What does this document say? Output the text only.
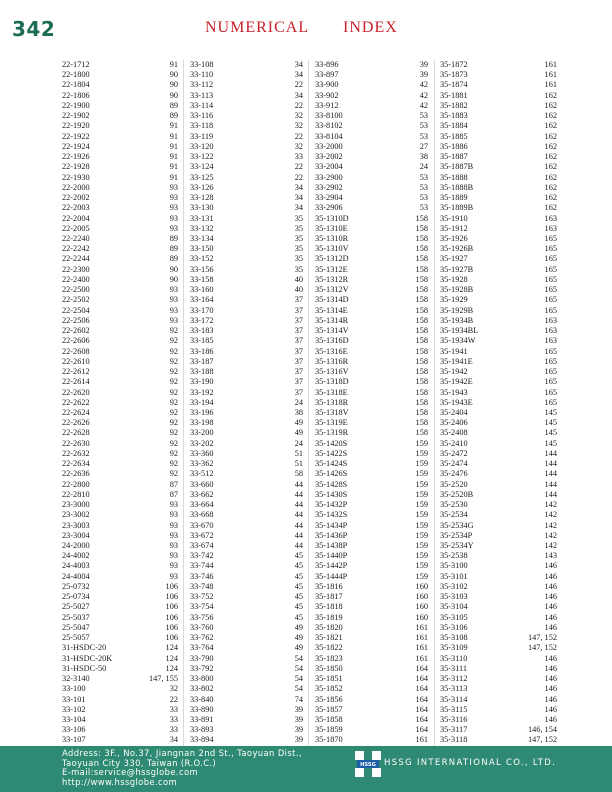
342	NUMERICAL INDEX
22-1712	91
22-1800	90
22-1804	90
22-1806	90
22-1900	89
22-1902	89
22-1920	91
22-1922	91
22-1924	91
22-1926	91
22-1928	91
22-1930	91
22-2000	93
22-2002	93
22-2003	93
22-2004	93
22-2005	93
22-2240	89
22-2242	89
22-2244	89
22-2300	90
22-2400	90
22-2500	93
22-2502	93
22-2504	93
22-2506	93
22-2602	92
22-2606	92
22-2608	92
22-2610	92
22-2612	92
22-2614	92
22-2620	92
22-2622	92
22-2624	92
22-2626	92
22-2628	92
22-2630	92
22-2632	92
22-2634	92
22-2636	92
22-2800	87
22-2810	87
23-3000	93
23-3002	93
23-3003	93
23-3004	93
24-2000	93
24-4002	93
24-4003	93
24-4004	93
25-0732	106
25-0734	106
25-5027	106
25-5037	106
25-5047	106
25-5057	106
31-HSDC-20	124
31-HSDC-20K	124
31-HSDC-50	124
32-3140	147, 155
33-100	32
33-101	22
33-102	33
33-104	33
33-106	33
33-107	34
33-108	34
33-110	34
33-112	22
33-113	34
33-114	22
33-116	32
33-118	32
33-119	22
33-120	32
33-122	33
33-124	22
33-125	22
33-126	34
33-128	34
33-130	34
33-131	35
33-132	35
33-134	35
33-150	35
33-152	35
33-156	35
33-158	40
33-160	40
33-164	37
33-170	37
33-172	37
33-183	37
33-185	37
33-186	37
33-187	37
33-188	37
33-190	37
33-192	37
33-194	24
33-196	38
33-198	49
33-200	49
33-202	24
33-360	51
33-362	51
33-512	58
33-660	44
33-662	44
33-664	44
33-668	44
33-670	44
33-672	44
33-674	44
33-742	45
33-744	45
33-746	45
33-748	45
33-752	45
33-754	45
33-756	45
33-760	49
33-762	49
33-764	49
33-790	54
33-792	54
33-800	54
33-802	54
33-840	74
33-890	39
33-891	39
33-893	39
33-894	39
33-896	39
33-897	39
33-900	42
33-902	42
33-912	42
33-8100	53
33-8102	53
33-8104	53
33-2000	27
33-2002	38
33-2004	24
33-2900	53
33-2902	53
33-2904	53
33-2906	53
35-1310D	158
35-1310E	158
35-1310R	158
35-1310V	158
35-1312D	158
35-1312E	158
35-1312R	158
35-1312V	158
35-1314D	158
35-1314E	158
35-1314R	158
35-1314V	158
35-1316D	158
35-1316E	158
35-1316R	158
35-1316V	158
35-1318D	158
35-1318E	158
35-1318R	158
35-1318V	158
35-1319E	158
35-1319R	158
35-1420S	159
35-1422S	159
35-1424S	159
35-1426S	159
35-1428S	159
35-1430S	159
35-1432P	159
35-1432S	159
35-1434P	159
35-1436P	159
35-1438P	159
35-1440P	159
35-1442P	159
35-1444P	159
35-1816	160
35-1817	160
35-1818	160
35-1819	160
35-1820	161
35-1821	161
35-1822	161
35-1823	161
35-1850	164
35-1851	164
35-1852	164
35-1856	164
35-1857	164
35-1858	164
35-1859	164
35-1870	161
35-1872	161
35-1873	161
35-1874	161
35-1881	162
35-1882	162
35-1883	162
35-1884	162
35-1885	162
35-1886	162
35-1887	162
35-1887B	162
35-1888	162
35-1888B	162
35-1889	162
35-1889B	162
35-1910	163
35-1912	163
35-1926	165
35-1926B	165
35-1927	165
35-1927B	165
35-1928	165
35-1928B	165
35-1929	165
35-1929B	165
35-1934B	163
35-1934BL	163
35-1934W	163
35-1941	165
35-1941E	165
35-1942	165
35-1942E	165
35-1943	165
35-1943E	165
35-2404	145
35-2406	145
35-2408	145
35-2410	145
35-2472	144
35-2474	144
35-2476	144
35-2520	144
35-2520B	144
35-2530	142
35-2534	142
35-2534G	142
35-2534P	142
35-2534Y	142
35-2538	143
35-3100	146
35-3101	146
35-3102	146
35-3103	146
35-3104	146
35-3105	146
35-3106	146
35-3108	147, 152
35-3109	147, 152
35-3110	146
35-3111	146
35-3112	146
35-3113	146
35-3114	146
35-3115	146
35-3116	146
35-3117	146, 154
35-3118	147, 152
Address: 3F., No.37, Jiangnan 2nd St., Taoyuan Dist.,
Taoyuan City 330, Taiwan (R.O.C.)
E-mail:service@hssglobe.com
http://www.hssglobe.com
HSSG HSSG INTERNATIONAL CO., LTD.
